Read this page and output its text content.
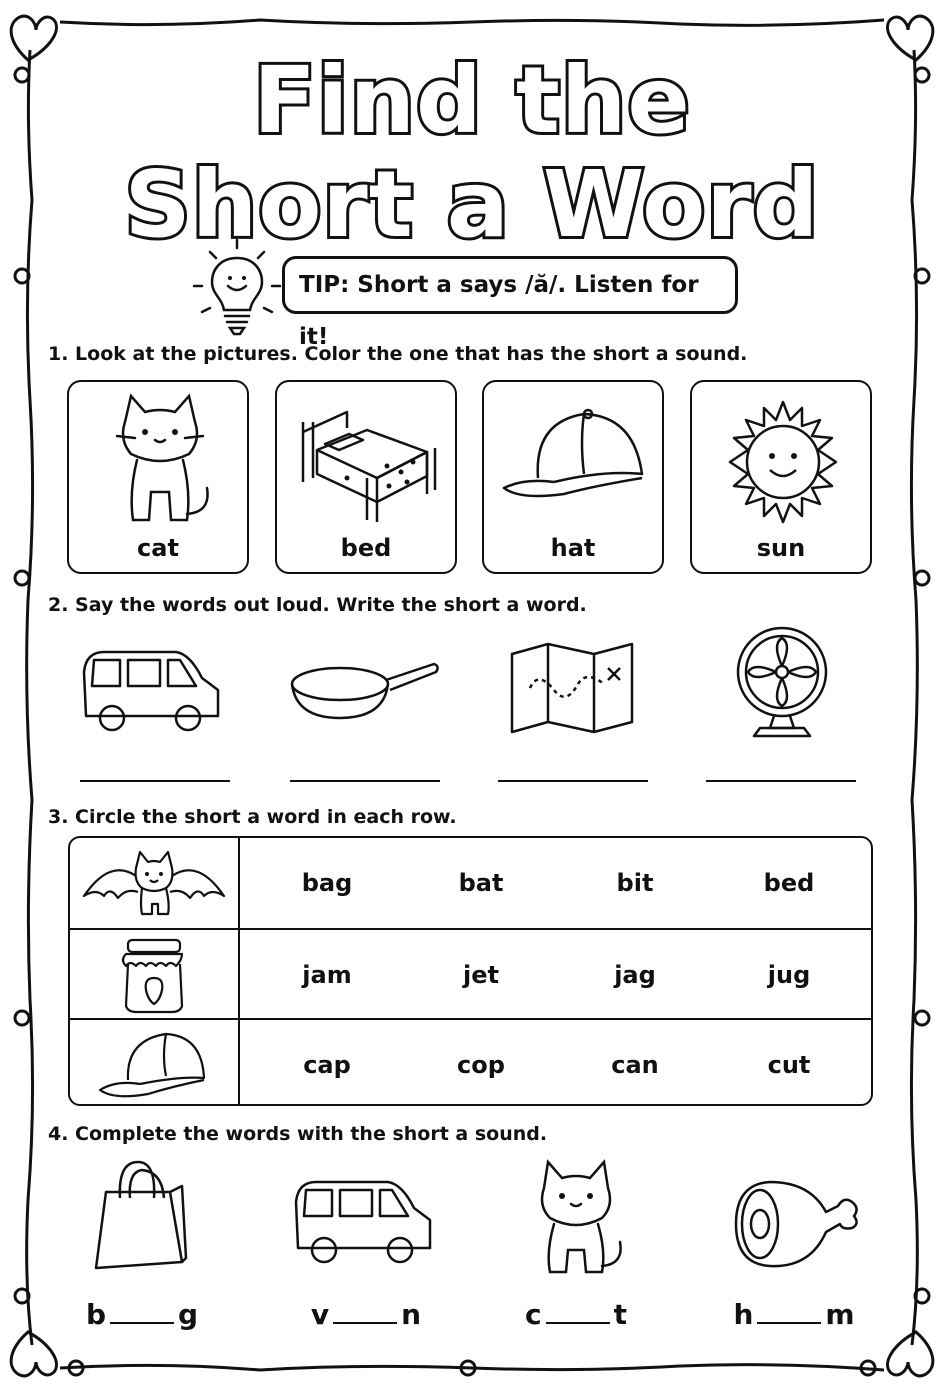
Find the
Short a Word
TIP: Short a says /ă/. Listen for it!
1. Look at the pictures. Color the one that has the short a sound.
cat	bed	hat	sun
2. Say the words out loud. Write the short a word.
3. Circle the short a word in each row.
bag	bat	bit	bed
jam	jet	jag	jug
cap	cop	can	cut
4. Complete the words with the short a sound.
b	g	v	n	c	t	h	m
